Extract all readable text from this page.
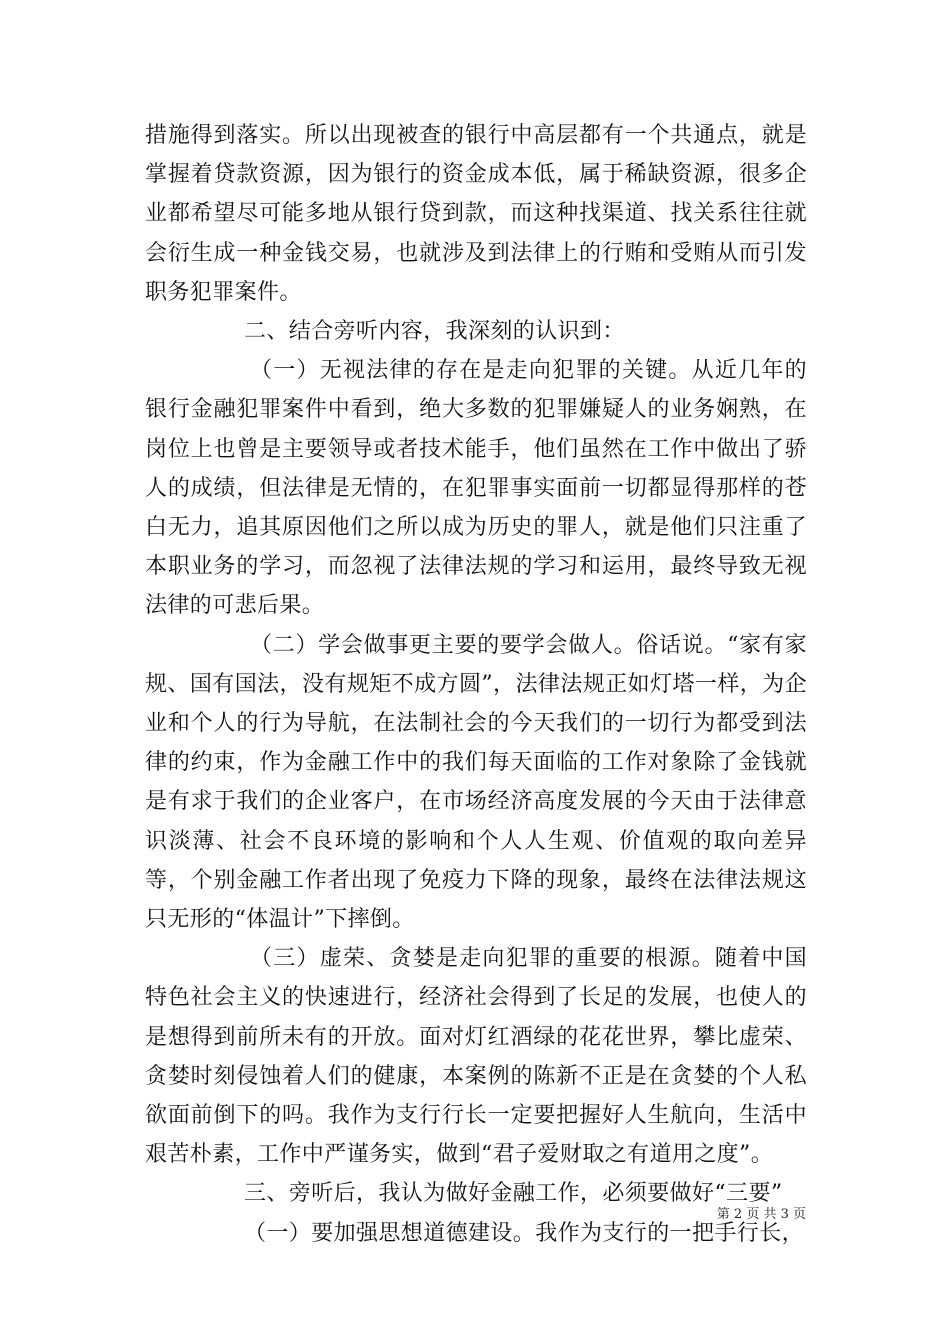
措施得到落实。所以出现被查的银行中高层都有一个共通点，就是掌握着贷款资源，因为银行的资金成本低，属于稀缺资源，很多企业都希望尽可能多地从银行贷到款，而这种找渠道、找关系往往就会衍生成一种金钱交易，也就涉及到法律上的行贿和受贿从而引发职务犯罪案件。

二、结合旁听内容，我深刻的认识到：

（一）无视法律的存在是走向犯罪的关键。从近几年的银行金融犯罪案件中看到，绝大多数的犯罪嫌疑人的业务娴熟，在岗位上也曾是主要领导或者技术能手，他们虽然在工作中做出了骄人的成绩，但法律是无情的，在犯罪事实面前一切都显得那样的苍白无力，追其原因他们之所以成为历史的罪人，就是他们只注重了本职业务的学习，而忽视了法律法规的学习和运用，最终导致无视法律的可悲后果。

（二）学会做事更主要的要学会做人。俗话说。“家有家规、国有国法，没有规矩不成方圆”，法律法规正如灯塔一样，为企业和个人的行为导航，在法制社会的今天我们的一切行为都受到法律的约束，作为金融工作中的我们每天面临的工作对象除了金钱就是有求于我们的企业客户，在市场经济高度发展的今天由于法律意识淡薄、社会不良环境的影响和个人人生观、价值观的取向差异等，个别金融工作者出现了免疫力下降的现象，最终在法律法规这只无形的“体温计”下摔倒。

（三）虚荣、贪婪是走向犯罪的重要的根源。随着中国特色社会主义的快速进行，经济社会得到了长足的发展，也使人的是想得到前所未有的开放。面对灯红酒绿的花花世界，攀比虚荣、贪婪时刻侵蚀着人们的健康，本案例的陈新不正是在贪婪的个人私欲面前倒下的吗。我作为支行行长一定要把握好人生航向，生活中艰苦朴素，工作中严谨务实，做到“君子爱财取之有道用之度”。

三、旁听后，我认为做好金融工作，必须要做好“三要”

（一）要加强思想道德建设。我作为支行的一把手行长，

第 2 页 共 3 页
